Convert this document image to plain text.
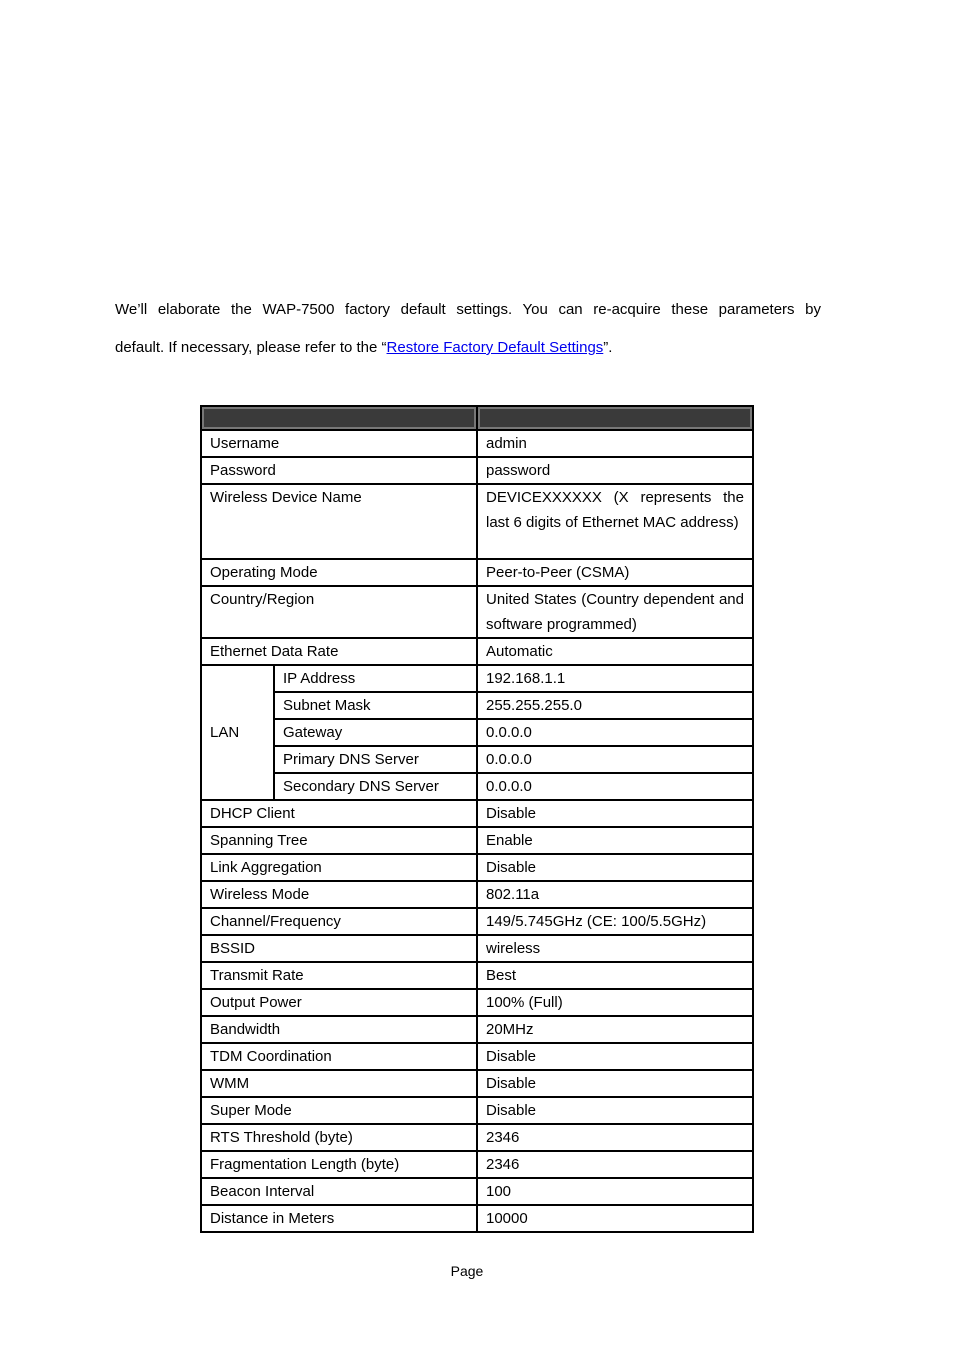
We’ll elaborate the WAP-7500 factory default settings. You can re-acquire these parameters by

default. If necessary, please refer to the “Restore Factory Default Settings”.

Username		admin
Password		password
Wireless Device Name		DEVICEXXXXXX (X represents the last 6 digits of Ethernet MAC address)
Operating Mode		Peer-to-Peer (CSMA)
Country/Region		United States (Country dependent and software programmed)
Ethernet Data Rate		Automatic
LAN	IP Address	192.168.1.1
	Subnet Mask	255.255.255.0
	Gateway	0.0.0.0
	Primary DNS Server	0.0.0.0
	Secondary DNS Server	0.0.0.0
DHCP Client		Disable
Spanning Tree		Enable
Link Aggregation		Disable
Wireless Mode		802.11a
Channel/Frequency		149/5.745GHz (CE: 100/5.5GHz)
BSSID		wireless
Transmit Rate		Best
Output Power		100% (Full)
Bandwidth		20MHz
TDM Coordination		Disable
WMM		Disable
Super Mode		Disable
RTS Threshold (byte)		2346
Fragmentation Length (byte)		2346
Beacon Interval		100
Distance in Meters		10000
Page
